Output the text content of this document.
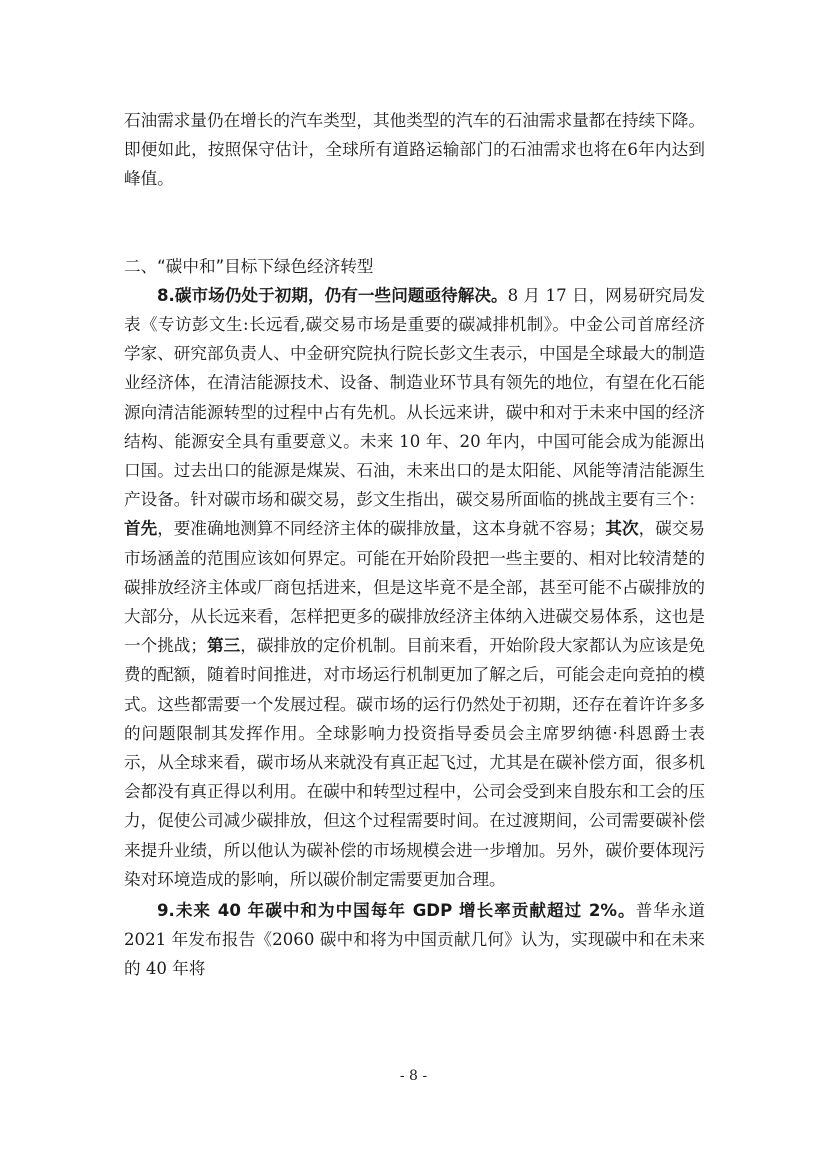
石油需求量仍在增长的汽车类型，其他类型的汽车的石油需求量都在持续下降。即便如此，按照保守估计，全球所有道路运输部门的石油需求也将在6年内达到峰值。

二、“碳中和”目标下绿色经济转型

8.碳市场仍处于初期，仍有一些问题亟待解决。8 月 17 日，网易研究局发表《专访彭文生:长远看,碳交易市场是重要的碳减排机制》。中金公司首席经济学家、研究部负责人、中金研究院执行院长彭文生表示，中国是全球最大的制造业经济体，在清洁能源技术、设备、制造业环节具有领先的地位，有望在化石能源向清洁能源转型的过程中占有先机。从长远来讲，碳中和对于未来中国的经济结构、能源安全具有重要意义。未来 10 年、20 年内，中国可能会成为能源出口国。过去出口的能源是煤炭、石油，未来出口的是太阳能、风能等清洁能源生产设备。针对碳市场和碳交易，彭文生指出，碳交易所面临的挑战主要有三个：首先，要准确地测算不同经济主体的碳排放量，这本身就不容易；其次，碳交易市场涵盖的范围应该如何界定。可能在开始阶段把一些主要的、相对比较清楚的碳排放经济主体或厂商包括进来，但是这毕竟不是全部，甚至可能不占碳排放的大部分，从长远来看，怎样把更多的碳排放经济主体纳入进碳交易体系，这也是一个挑战；第三，碳排放的定价机制。目前来看，开始阶段大家都认为应该是免费的配额，随着时间推进，对市场运行机制更加了解之后，可能会走向竞拍的模式。这些都需要一个发展过程。碳市场的运行仍然处于初期，还存在着许许多多的问题限制其发挥作用。全球影响力投资指导委员会主席罗纳德·科恩爵士表示，从全球来看，碳市场从来就没有真正起飞过，尤其是在碳补偿方面，很多机会都没有真正得以利用。在碳中和转型过程中，公司会受到来自股东和工会的压力，促使公司减少碳排放，但这个过程需要时间。在过渡期间，公司需要碳补偿来提升业绩，所以他认为碳补偿的市场规模会进一步增加。另外，碳价要体现污染对环境造成的影响，所以碳价制定需要更加合理。

9.未来 40 年碳中和为中国每年 GDP 增长率贡献超过 2%。普华永道 2021 年发布报告《2060 碳中和将为中国贡献几何》认为，实现碳中和在未来的 40 年将

- 8 -
